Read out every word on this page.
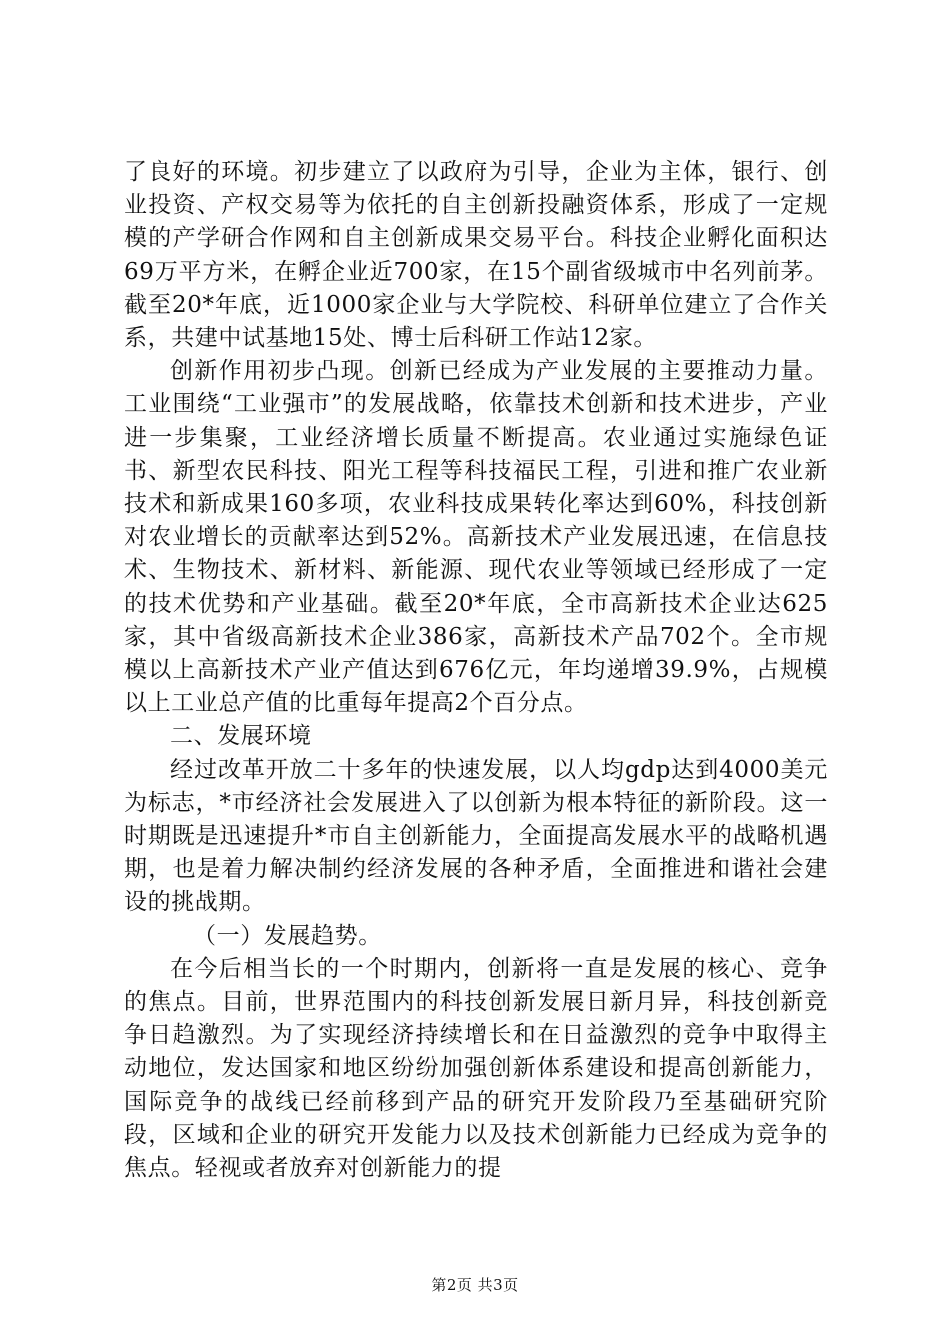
了良好的环境。初步建立了以政府为引导，企业为主体，银行、创业投资、产权交易等为依托的自主创新投融资体系，形成了一定规模的产学研合作网和自主创新成果交易平台。科技企业孵化面积达69万平方米，在孵企业近700家，在15个副省级城市中名列前茅。截至20*年底，近1000家企业与大学院校、科研单位建立了合作关系，共建中试基地15处、博士后科研工作站12家。

创新作用初步凸现。创新已经成为产业发展的主要推动力量。工业围绕“工业强市”的发展战略，依靠技术创新和技术进步，产业进一步集聚，工业经济增长质量不断提高。农业通过实施绿色证书、新型农民科技、阳光工程等科技福民工程，引进和推广农业新技术和新成果160多项，农业科技成果转化率达到60%，科技创新对农业增长的贡献率达到52%。高新技术产业发展迅速，在信息技术、生物技术、新材料、新能源、现代农业等领域已经形成了一定的技术优势和产业基础。截至20*年底，全市高新技术企业达625家，其中省级高新技术企业386家，高新技术产品702个。全市规模以上高新技术产业产值达到676亿元，年均递增39.9%，占规模以上工业总产值的比重每年提高2个百分点。

二、发展环境

经过改革开放二十多年的快速发展，以人均gdp达到4000美元为标志，*市经济社会发展进入了以创新为根本特征的新阶段。这一时期既是迅速提升*市自主创新能力，全面提高发展水平的战略机遇期，也是着力解决制约经济发展的各种矛盾，全面推进和谐社会建设的挑战期。

（一）发展趋势。

在今后相当长的一个时期内，创新将一直是发展的核心、竞争的焦点。目前，世界范围内的科技创新发展日新月异，科技创新竞争日趋激烈。为了实现经济持续增长和在日益激烈的竞争中取得主动地位，发达国家和地区纷纷加强创新体系建设和提高创新能力，国际竞争的战线已经前移到产品的研究开发阶段乃至基础研究阶段，区域和企业的研究开发能力以及技术创新能力已经成为竞争的焦点。轻视或者放弃对创新能力的提

第2页 共3页
